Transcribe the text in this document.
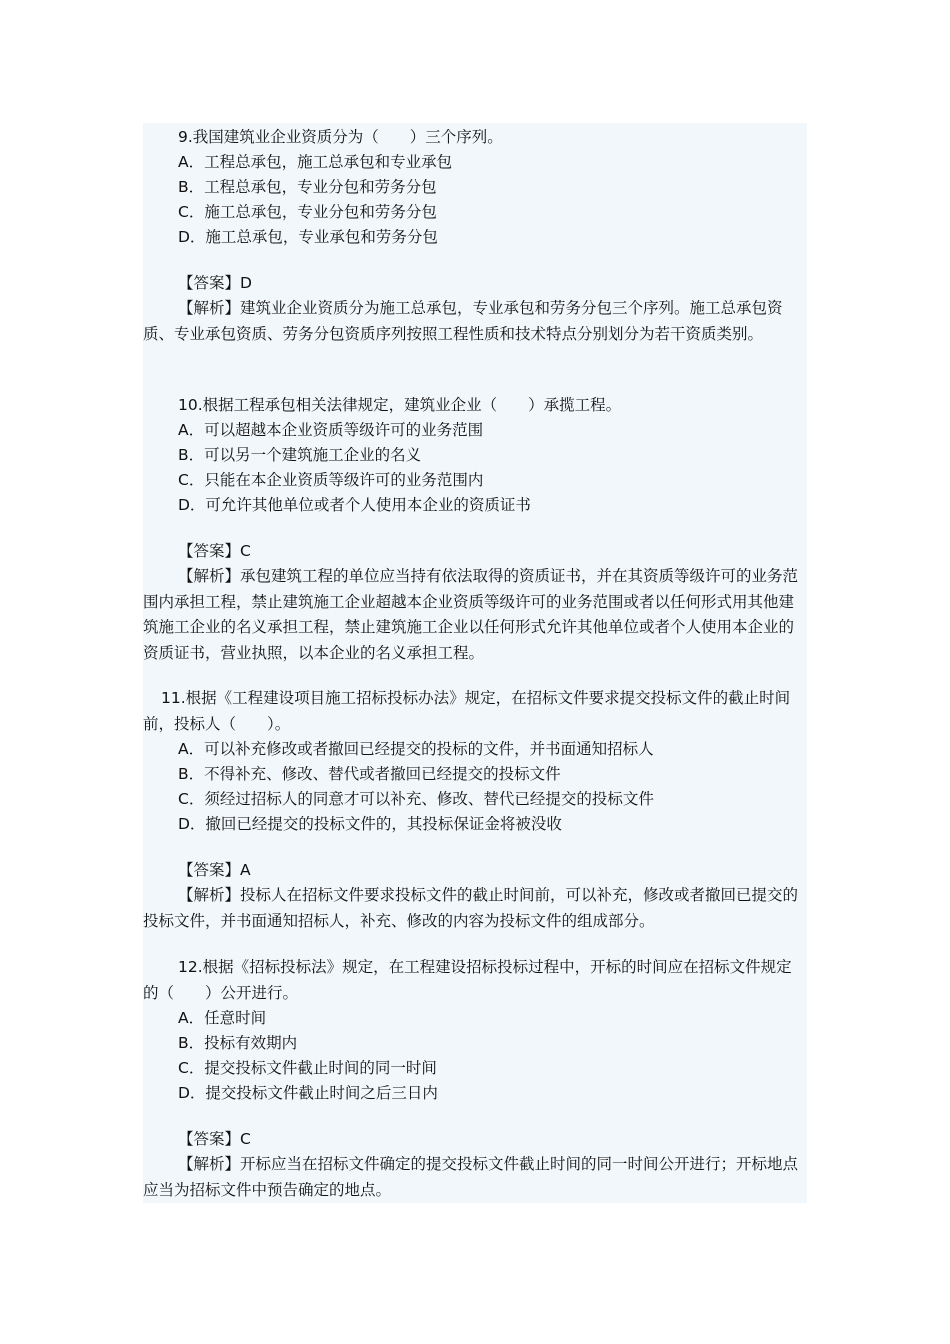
9.我国建筑业企业资质分为（　　）三个序列。
A．工程总承包，施工总承包和专业承包
B．工程总承包，专业分包和劳务分包
C．施工总承包，专业分包和劳务分包
D．施工总承包，专业承包和劳务分包
【答案】D

【解析】建筑业企业资质分为施工总承包，专业承包和劳务分包三个序列。施工总承包资质、专业承包资质、劳务分包资质序列按照工程性质和技术特点分别划分为若干资质类别。

10.根据工程承包相关法律规定，建筑业企业（　　）承揽工程。
A．可以超越本企业资质等级许可的业务范围
B．可以另一个建筑施工企业的名义
C．只能在本企业资质等级许可的业务范围内
D．可允许其他单位或者个人使用本企业的资质证书
【答案】C

【解析】承包建筑工程的单位应当持有依法取得的资质证书，并在其资质等级许可的业务范围内承担工程，禁止建筑施工企业超越本企业资质等级许可的业务范围或者以任何形式用其他建筑施工企业的名义承担工程，禁止建筑施工企业以任何形式允许其他单位或者个人使用本企业的资质证书，营业执照，以本企业的名义承担工程。

11.根据《工程建设项目施工招标投标办法》规定，在招标文件要求提交投标文件的截止时间前，投标人（　　）。

A．可以补充修改或者撤回已经提交的投标的文件，并书面通知招标人
B．不得补充、修改、替代或者撤回已经提交的投标文件
C．须经过招标人的同意才可以补充、修改、替代已经提交的投标文件
D．撤回已经提交的投标文件的，其投标保证金将被没收
【答案】A

【解析】投标人在招标文件要求投标文件的截止时间前，可以补充，修改或者撤回已提交的投标文件，并书面通知招标人，补充、修改的内容为投标文件的组成部分。

12.根据《招标投标法》规定，在工程建设招标投标过程中，开标的时间应在招标文件规定的（　　）公开进行。

A．任意时间
B．投标有效期内
C．提交投标文件截止时间的同一时间
D．提交投标文件截止时间之后三日内
【答案】C

【解析】开标应当在招标文件确定的提交投标文件截止时间的同一时间公开进行；开标地点应当为招标文件中预告确定的地点。
